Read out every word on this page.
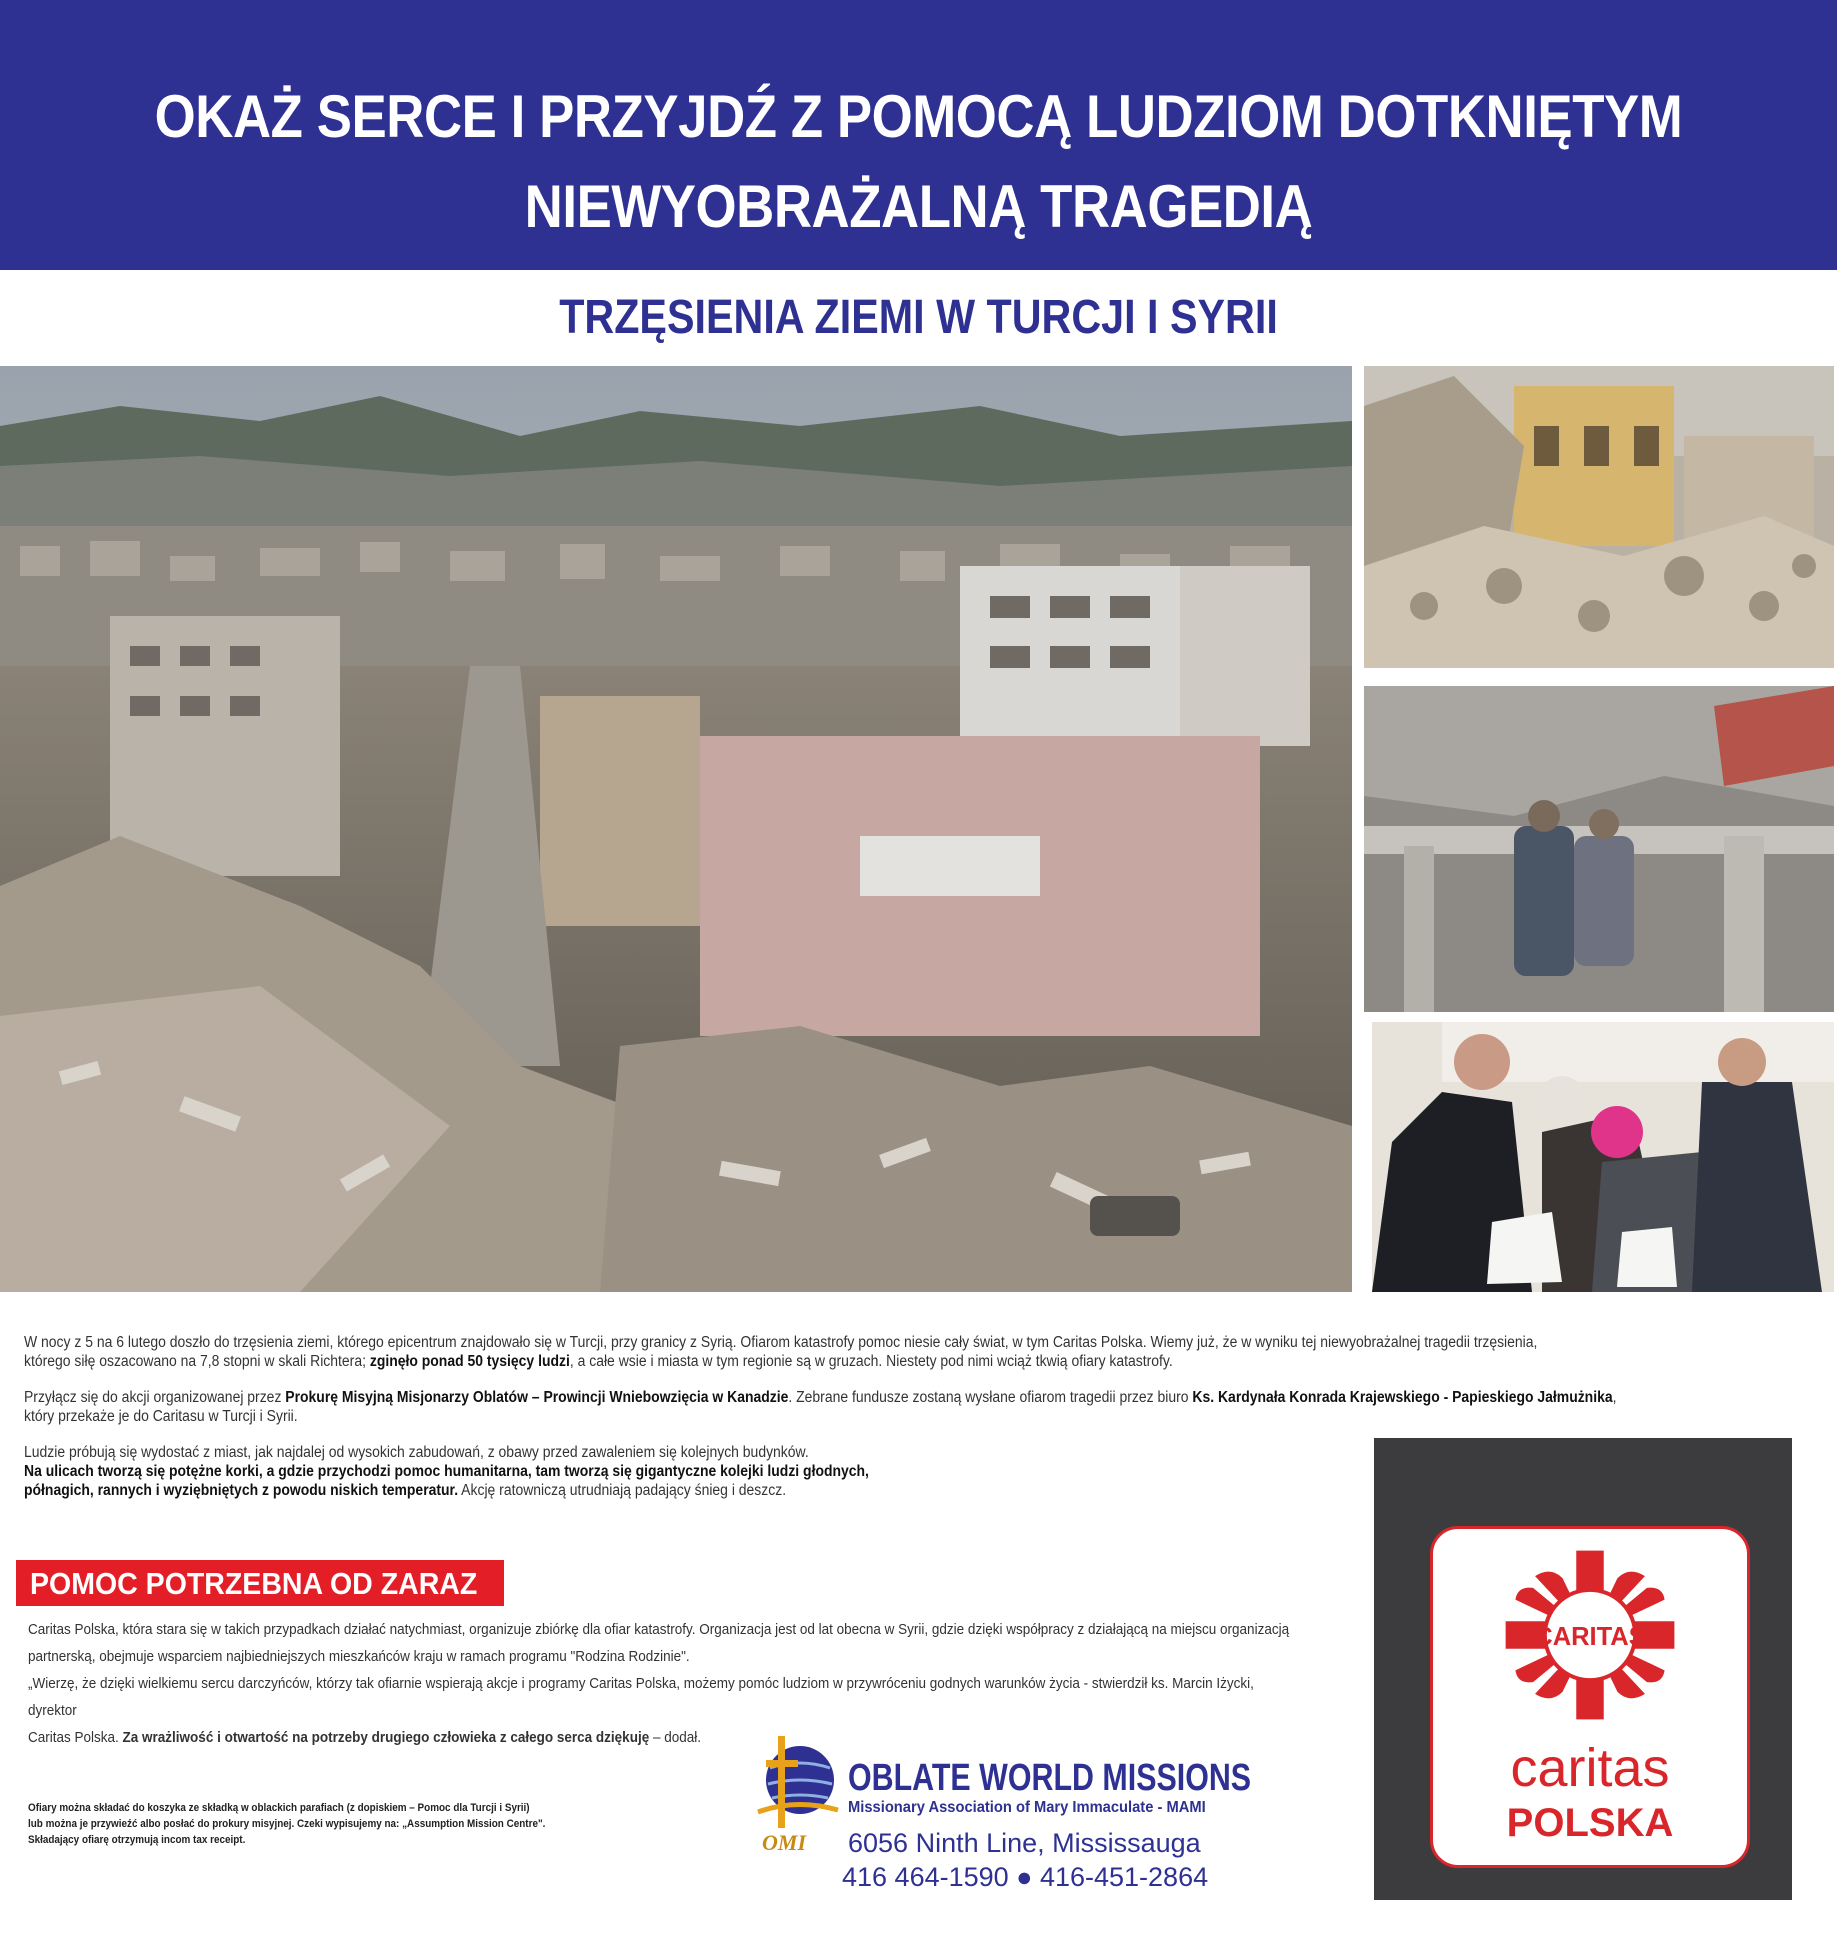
OKAŻ SERCE I PRZYJDŹ Z POMOCĄ LUDZIOM DOTKNIĘTYM
NIEWYOBRAŻALNĄ TRAGEDIĄ
TRZĘSIENIA ZIEMI W TURCJI I SYRII
W nocy z 5 na 6 lutego doszło do trzęsienia ziemi, którego epicentrum znajdowało się w Turcji, przy granicy z Syrią. Ofiarom katastrofy pomoc niesie cały świat, w tym Caritas Polska. Wiemy już, że w wyniku tej niewyobrażalnej tragedii trzęsienia,
którego siłę oszacowano na 7,8 stopni w skali Richtera; zginęło ponad 50 tysięcy ludzi, a całe wsie i miasta w tym regionie są w gruzach. Niestety pod nimi wciąż tkwią ofiary katastrofy.
Przyłącz się do akcji organizowanej przez Prokurę Misyjną Misjonarzy Oblatów – Prowincji Wniebowzięcia w Kanadzie. Zebrane fundusze zostaną wysłane ofiarom tragedii przez biuro Ks. Kardynała Konrada Krajewskiego - Papieskiego Jałmużnika,
który przekaże je do Caritasu w Turcji i Syrii.
Ludzie próbują się wydostać z miast, jak najdalej od wysokich zabudowań, z obawy przed zawaleniem się kolejnych budynków.
Na ulicach tworzą się potężne korki, a gdzie przychodzi pomoc humanitarna, tam tworzą się gigantyczne kolejki ludzi głodnych,
półnagich, rannych i wyziębniętych z powodu niskich temperatur. Akcję ratowniczą utrudniają padający śnieg i deszcz.
POMOC POTRZEBNA OD ZARAZ
Caritas Polska, która stara się w takich przypadkach działać natychmiast, organizuje zbiórkę dla ofiar katastrofy. Organizacja jest od lat obecna w Syrii, gdzie dzięki współpracy z działającą na miejscu organizacją
partnerską, obejmuje wsparciem najbiedniejszych mieszkańców kraju w ramach programu "Rodzina Rodzinie".
„Wierzę, że dzięki wielkiemu sercu darczyńców, którzy tak ofiarnie wspierają akcje i programy Caritas Polska, możemy pomóc ludziom w przywróceniu godnych warunków życia - stwierdził ks. Marcin Iżycki, dyrektor
Caritas Polska. Za wrażliwość i otwartość na potrzeby drugiego człowieka z całego serca dziękuję – dodał.
Ofiary można składać do koszyka ze składką w oblackich parafiach (z dopiskiem – Pomoc dla Turcji i Syrii)
lub można je przywieźć albo posłać do prokury misyjnej. Czeki wypisujemy na: „Assumption Mission Centre".
Składający ofiarę otrzymują incom tax receipt.	OMI
OBLATE WORLD MISSIONS
Missionary Association of Mary Immaculate - MAMI
6056 Ninth Line, Mississauga
416 464-1590 ● 416-451-2864
CARITAS
caritas
POLSKA
